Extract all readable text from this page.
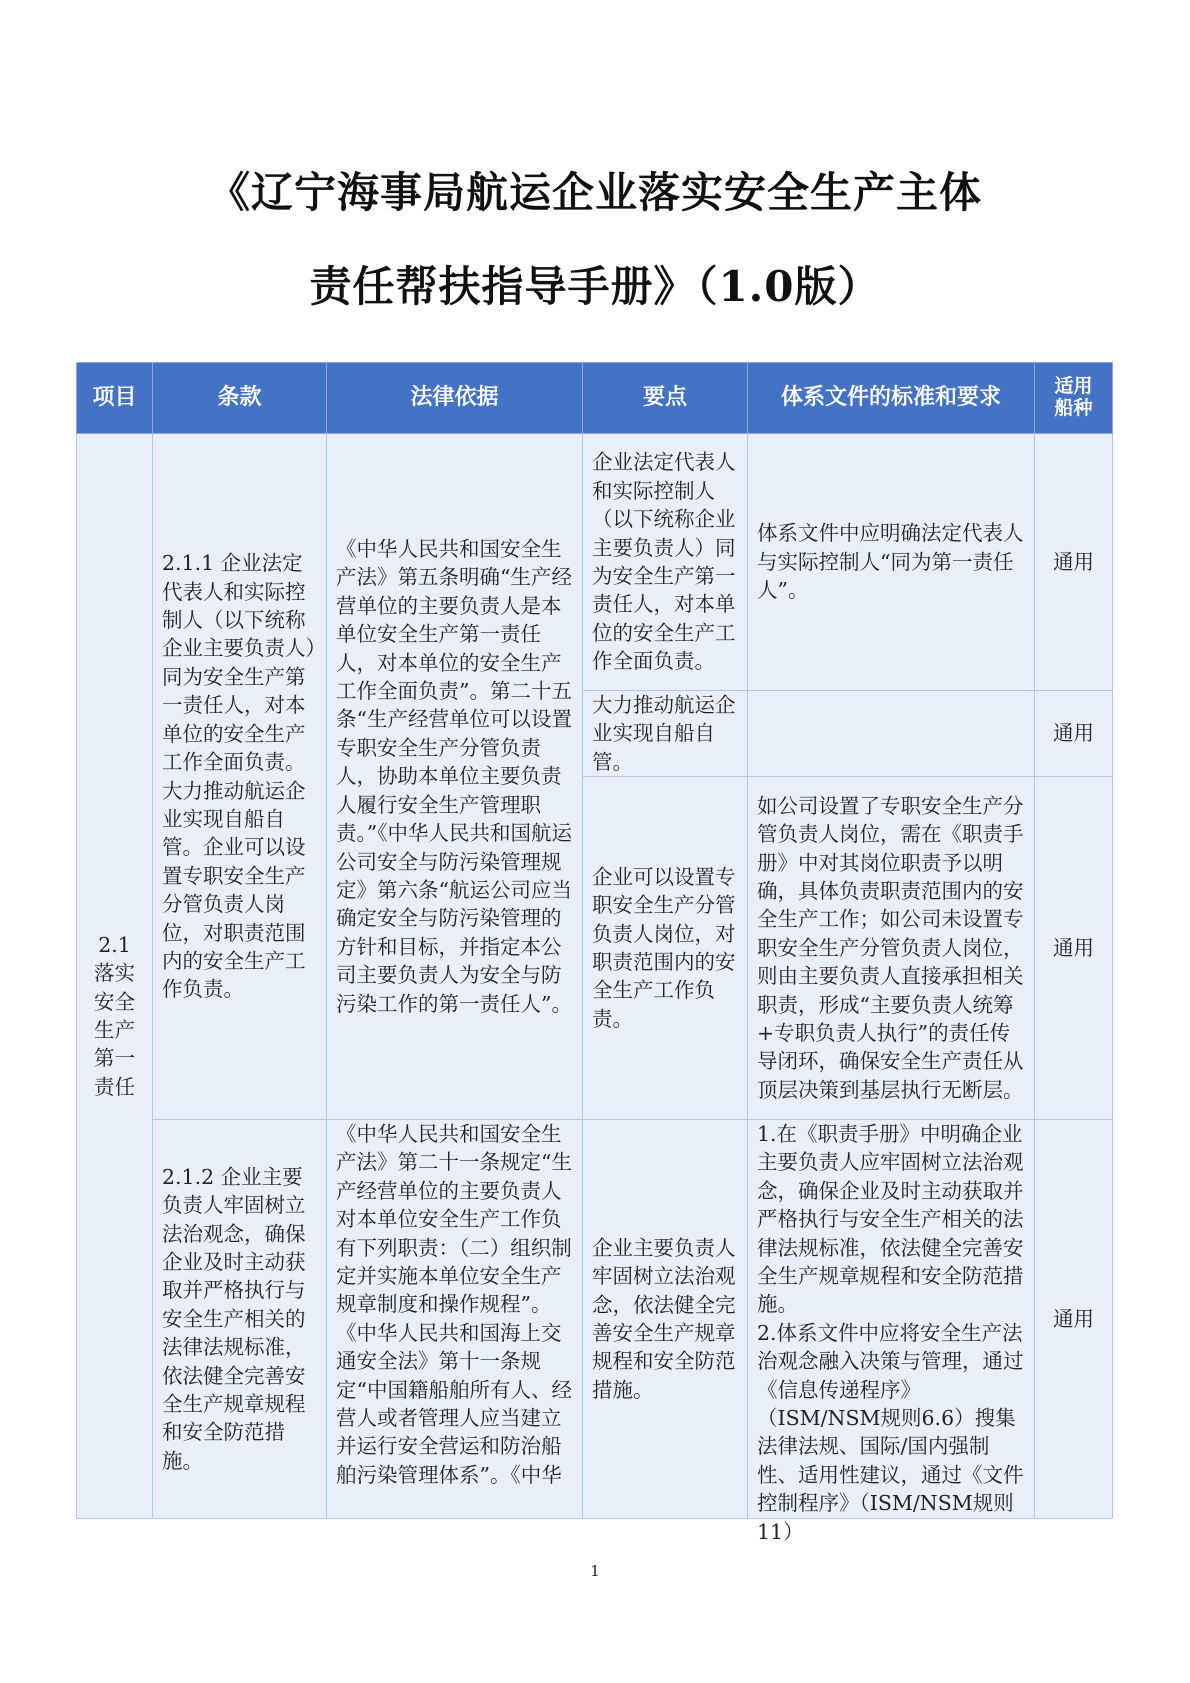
《辽宁海事局航运企业落实安全生产主体
责任帮扶指导手册》（1.0版）
项目	条款	法律依据	要点	体系文件的标准和要求	适用船种

2.1落实安全生产第一责任	2.1.1 企业法定代表人和实际控制人（以下统称企业主要负责人）同为安全生产第一责任人，对本单位的安全生产工作全面负责。大力推动航运企业实现自船自管。企业可以设置专职安全生产分管负责人岗位，对职责范围内的安全生产工作负责。	《中华人民共和国安全生产法》第五条明确“生产经营单位的主要负责人是本单位安全生产第一责任人，对本单位的安全生产工作全面负责”。第二十五条“生产经营单位可以设置专职安全生产分管负责人，协助本单位主要负责人履行安全生产管理职责。”《中华人民共和国航运公司安全与防污染管理规定》第六条“航运公司应当确定安全与防污染管理的方针和目标，并指定本公司主要负责人为安全与防污染工作的第一责任人”。	企业法定代表人和实际控制人（以下统称企业主要负责人）同为安全生产第一责任人，对本单位的安全生产工作全面负责。	体系文件中应明确法定代表人与实际控制人“同为第一责任人”。	通用

大力推动航运企业实现自船自管。		通用

企业可以设置专职安全生产分管负责人岗位，对职责范围内的安全生产工作负责。	如公司设置了专职安全生产分管负责人岗位，需在《职责手册》中对其岗位职责予以明确，具体负责职责范围内的安全生产工作；如公司未设置专职安全生产分管负责人岗位，则由主要负责人直接承担相关职责，形成“主要负责人统筹+专职负责人执行”的责任传导闭环，确保安全生产责任从顶层决策到基层执行无断层。	通用

2.1.2 企业主要负责人牢固树立法治观念，确保企业及时主动获取并严格执行与安全生产相关的法律法规标准，依法健全完善安全生产规章规程和安全防范措施。	《中华人民共和国安全生产法》第二十一条规定“生产经营单位的主要负责人对本单位安全生产工作负有下列职责：（二）组织制定并实施本单位安全生产规章制度和操作规程”。《中华人民共和国海上交通安全法》第十一条规定“中国籍船舶所有人、经营人或者管理人应当建立并运行安全营运和防治船舶污染管理体系”。《中华	企业主要负责人牢固树立法治观念，依法健全完善安全生产规章规程和安全防范措施。	1.在《职责手册》中明确企业主要负责人应牢固树立法治观念，确保企业及时主动获取并严格执行与安全生产相关的法律法规标准，依法健全完善安全生产规章规程和安全防范措施。
2.体系文件中应将安全生产法治观念融入决策与管理，通过《信息传递程序》（ISM/NSM规则6.6）搜集法律法规、国际/国内强制性、适用性建议，通过《文件控制程序》（ISM/NSM规则11）	通用
1
